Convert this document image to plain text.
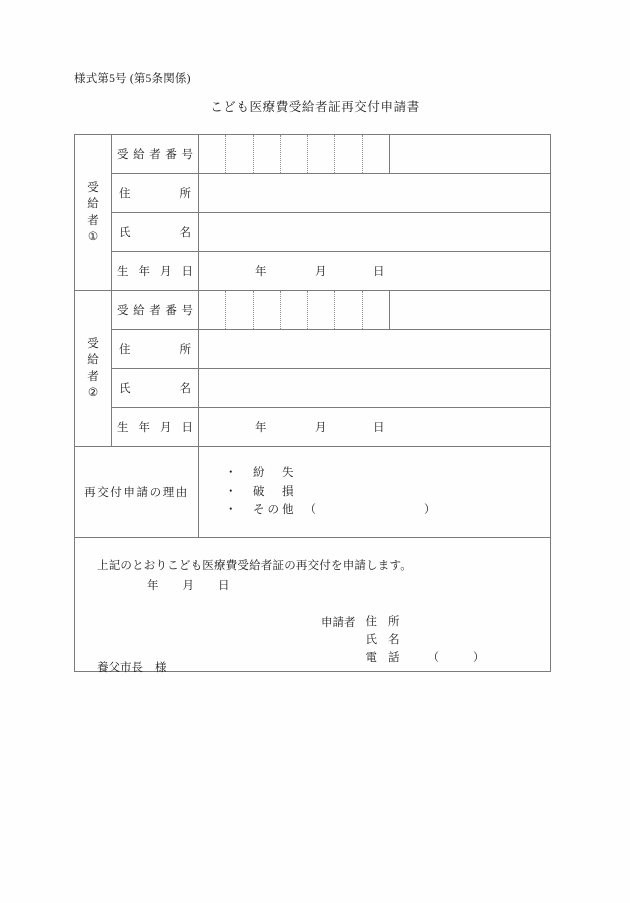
様式第5号 (第5条関係)
こども医療費受給者証再交付申請書
受
給
者
①	受 給 者 番 号	

	住 所	

	氏 名	

	生 年 月 日	年 月 日

受
給
者
②	受 給 者 番 号	

	住 所	

	氏 名	

	生 年 月 日	年 月 日

再交付申請の理由		・ 紛　失
・ 破　損
・ その他 （ ）

上記のとおりこども医療費受給者証の再交付を申請します。
年 月 日
申請者 住 所
氏 名
電 話 （	）
養父市長 様
